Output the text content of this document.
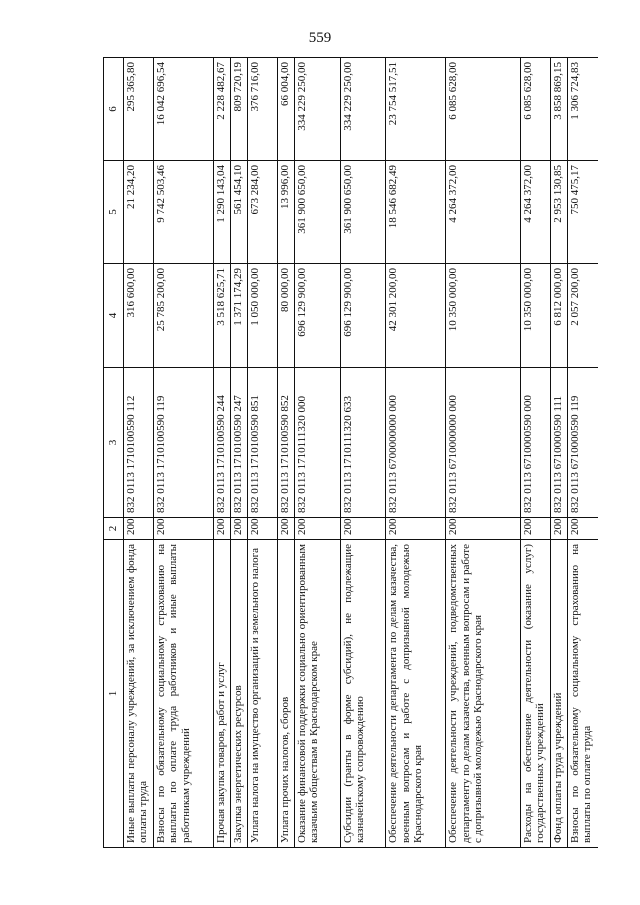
559
1	2	3	4	5	6
Иные выплаты персоналу учреждений, за исключением фонда оплаты труда	200	832 0113 1710100590 112	316 600,00	21 234,20	295 365,80
Взносы по обязательному социальному страхованию на выплаты по оплате труда работников и иные выплаты работникам учреждений	200	832 0113 1710100590 119	25 785 200,00	9 742 503,46	16 042 696,54
Прочая закупка товаров, работ и услуг	200	832 0113 1710100590 244	3 518 625,71	1 290 143,04	2 228 482,67
Закупка энергетических ресурсов	200	832 0113 1710100590 247	1 371 174,29	561 454,10	809 720,19
Уплата налога на имущество организаций и земельного налога	200	832 0113 1710100590 851	1 050 000,00	673 284,00	376 716,00
Уплата прочих налогов, сборов	200	832 0113 1710100590 852	80 000,00	13 996,00	66 004,00
Оказание финансовой поддержки социально ориентированным казачьим обществам в Краснодарском крае	200	832 0113 1710111320 000	696 129 900,00	361 900 650,00	334 229 250,00
Субсидии (гранты в форме субсидий), не подлежащие казначейскому сопровождению	200	832 0113 1710111320 633	696 129 900,00	361 900 650,00	334 229 250,00
Обеспечение деятельности департамента по делам казачества, военным вопросам и работе с допризывной молодежью Краснодарского края	200	832 0113 6700000000 000	42 301 200,00	18 546 682,49	23 754 517,51
Обеспечение деятельности учреждений, подведомственных департаменту по делам казачества, военным вопросам и работе с допризывной молодежью Краснодарского края	200	832 0113 6710000000 000	10 350 000,00	4 264 372,00	6 085 628,00
Расходы на обеспечение деятельности (оказание услуг) государственных учреждений	200	832 0113 6710000590 000	10 350 000,00	4 264 372,00	6 085 628,00
Фонд оплаты труда учреждений	200	832 0113 6710000590 111	6 812 000,00	2 953 130,85	3 858 869,15
Взносы по обязательному социальному страхованию на выплаты по оплате труда	200	832 0113 6710000590 119	2 057 200,00	750 475,17	1 306 724,83
